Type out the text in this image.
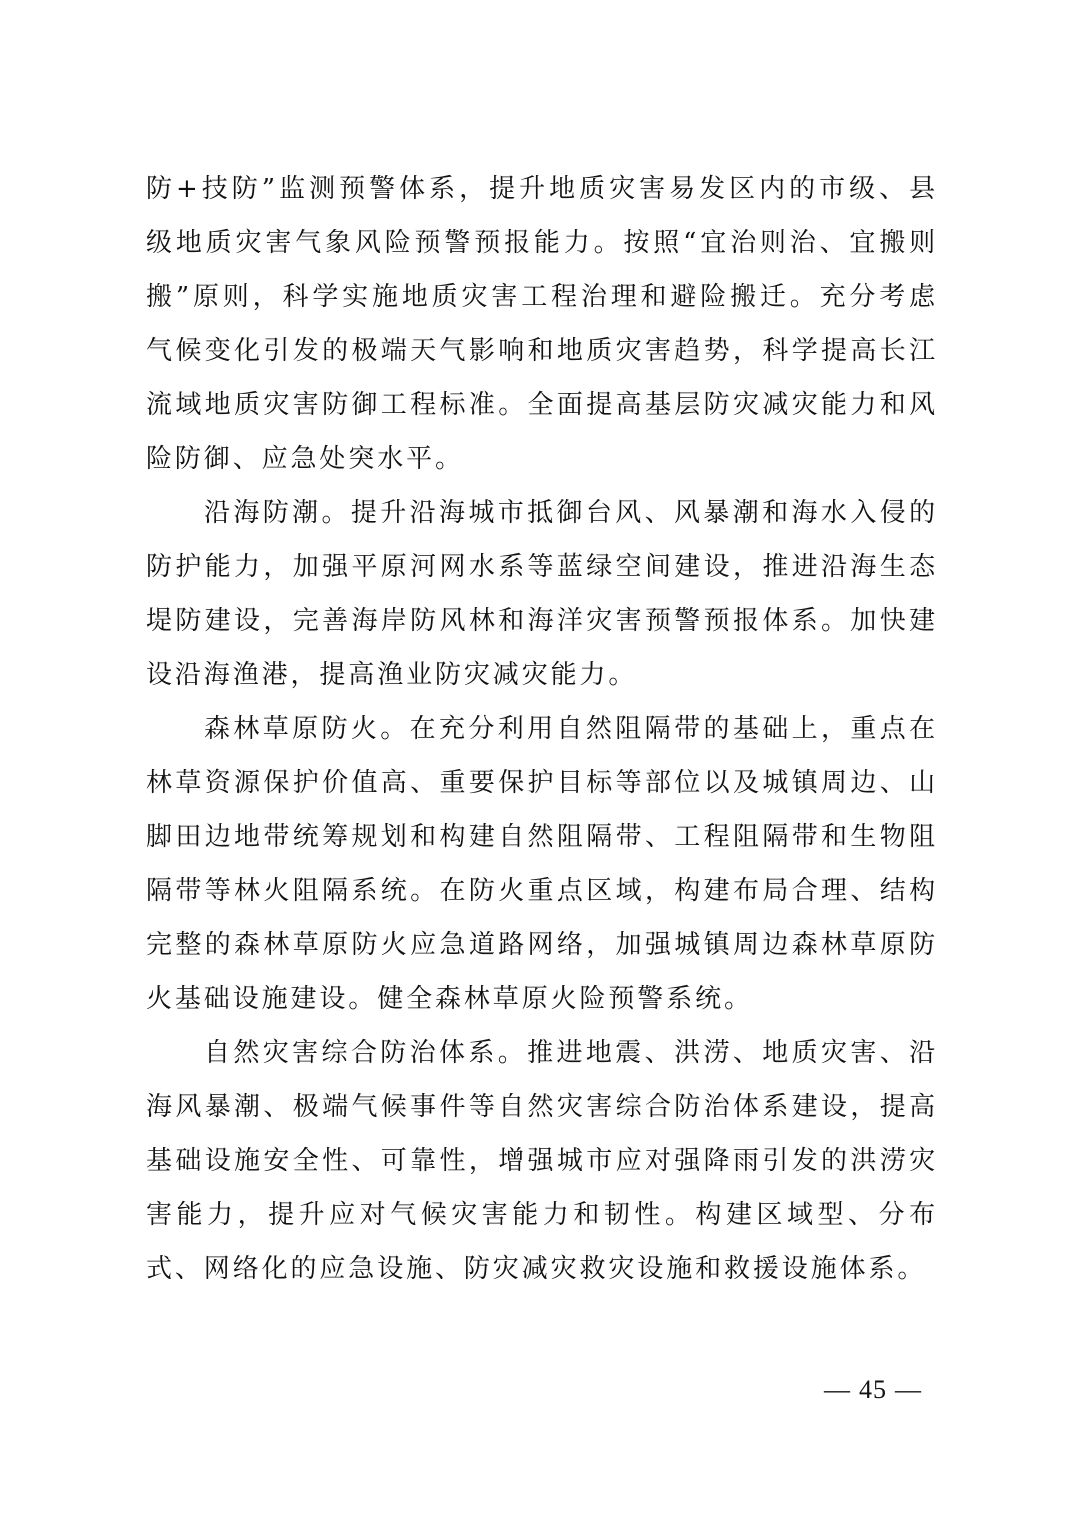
防+技防”监测预警体系，提升地质灾害易发区内的市级、县级地质灾害气象风险预警预报能力。按照“宜治则治、宜搬则搬”原则，科学实施地质灾害工程治理和避险搬迁。充分考虑气候变化引发的极端天气影响和地质灾害趋势，科学提高长江流域地质灾害防御工程标准。全面提高基层防灾减灾能力和风险防御、应急处突水平。

沿海防潮。提升沿海城市抵御台风、风暴潮和海水入侵的防护能力，加强平原河网水系等蓝绿空间建设，推进沿海生态堤防建设，完善海岸防风林和海洋灾害预警预报体系。加快建设沿海渔港，提高渔业防灾减灾能力。

森林草原防火。在充分利用自然阻隔带的基础上，重点在林草资源保护价值高、重要保护目标等部位以及城镇周边、山脚田边地带统筹规划和构建自然阻隔带、工程阻隔带和生物阻隔带等林火阻隔系统。在防火重点区域，构建布局合理、结构完整的森林草原防火应急道路网络，加强城镇周边森林草原防火基础设施建设。健全森林草原火险预警系统。

自然灾害综合防治体系。推进地震、洪涝、地质灾害、沿海风暴潮、极端气候事件等自然灾害综合防治体系建设，提高基础设施安全性、可靠性，增强城市应对强降雨引发的洪涝灾害能力，提升应对气候灾害能力和韧性。构建区域型、分布式、网络化的应急设施、防灾减灾救灾设施和救援设施体系。

— 45 —
